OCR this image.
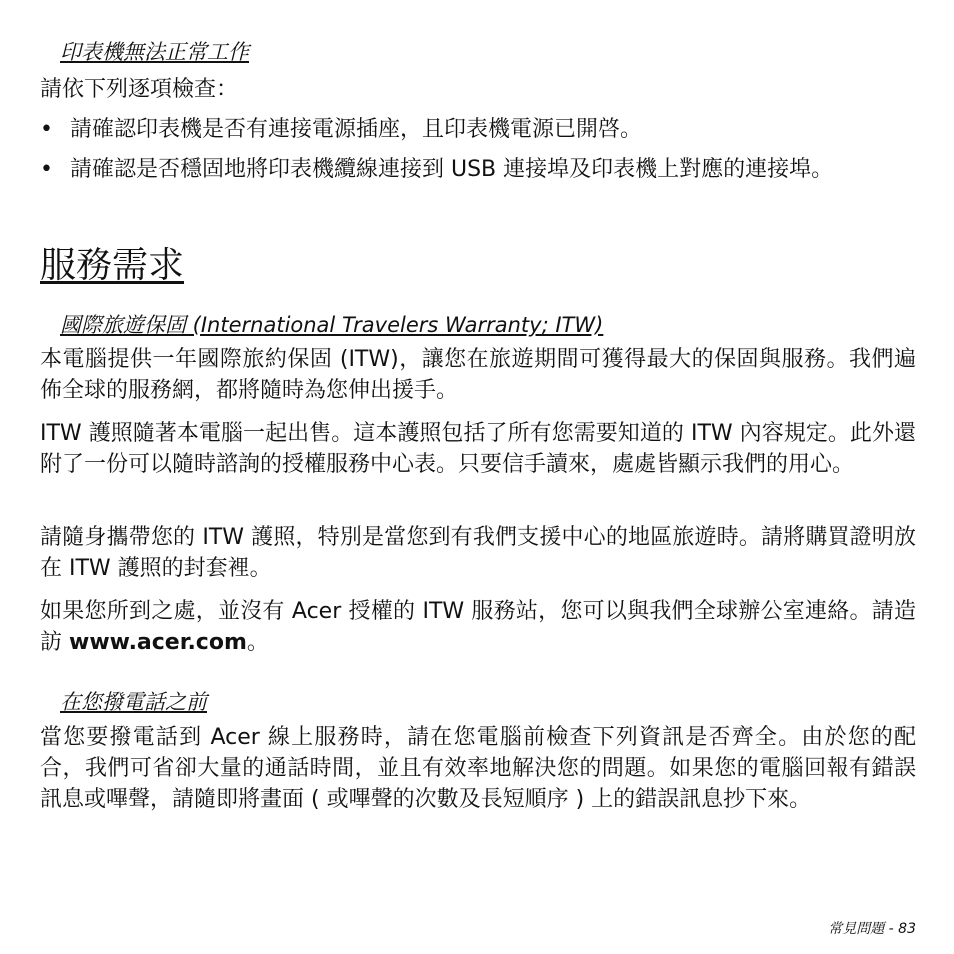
印表機無法正常工作
請依下列逐項檢查：
• 請確認印表機是否有連接電源插座，且印表機電源已開啓。
• 請確認是否穩固地將印表機纜線連接到 USB 連接埠及印表機上對應的連接埠。
服務需求
國際旅遊保固 (International Travelers Warranty; ITW)
本電腦提供一年國際旅約保固 (ITW)，讓您在旅遊期間可獲得最大的保固與服務。我們遍佈全球的服務網，都將隨時為您伸出援手。
ITW 護照隨著本電腦一起出售。這本護照包括了所有您需要知道的 ITW 內容規定。此外還附了一份可以隨時諮詢的授權服務中心表。只要信手讀來，處處皆顯示我們的用心。
請隨身攜帶您的 ITW 護照，特別是當您到有我們支援中心的地區旅遊時。請將購買證明放在 ITW 護照的封套裡。
如果您所到之處，並沒有 Acer 授權的 ITW 服務站，您可以與我們全球辦公室連絡。請造訪 www.acer.com。
在您撥電話之前
當您要撥電話到 Acer 線上服務時，請在您電腦前檢查下列資訊是否齊全。由於您的配合，我們可省卻大量的通話時間，並且有效率地解決您的問題。如果您的電腦回報有錯誤訊息或嗶聲，請隨即將畫面 ( 或嗶聲的次數及長短順序 ) 上的錯誤訊息抄下來。
常見問題 - 83
